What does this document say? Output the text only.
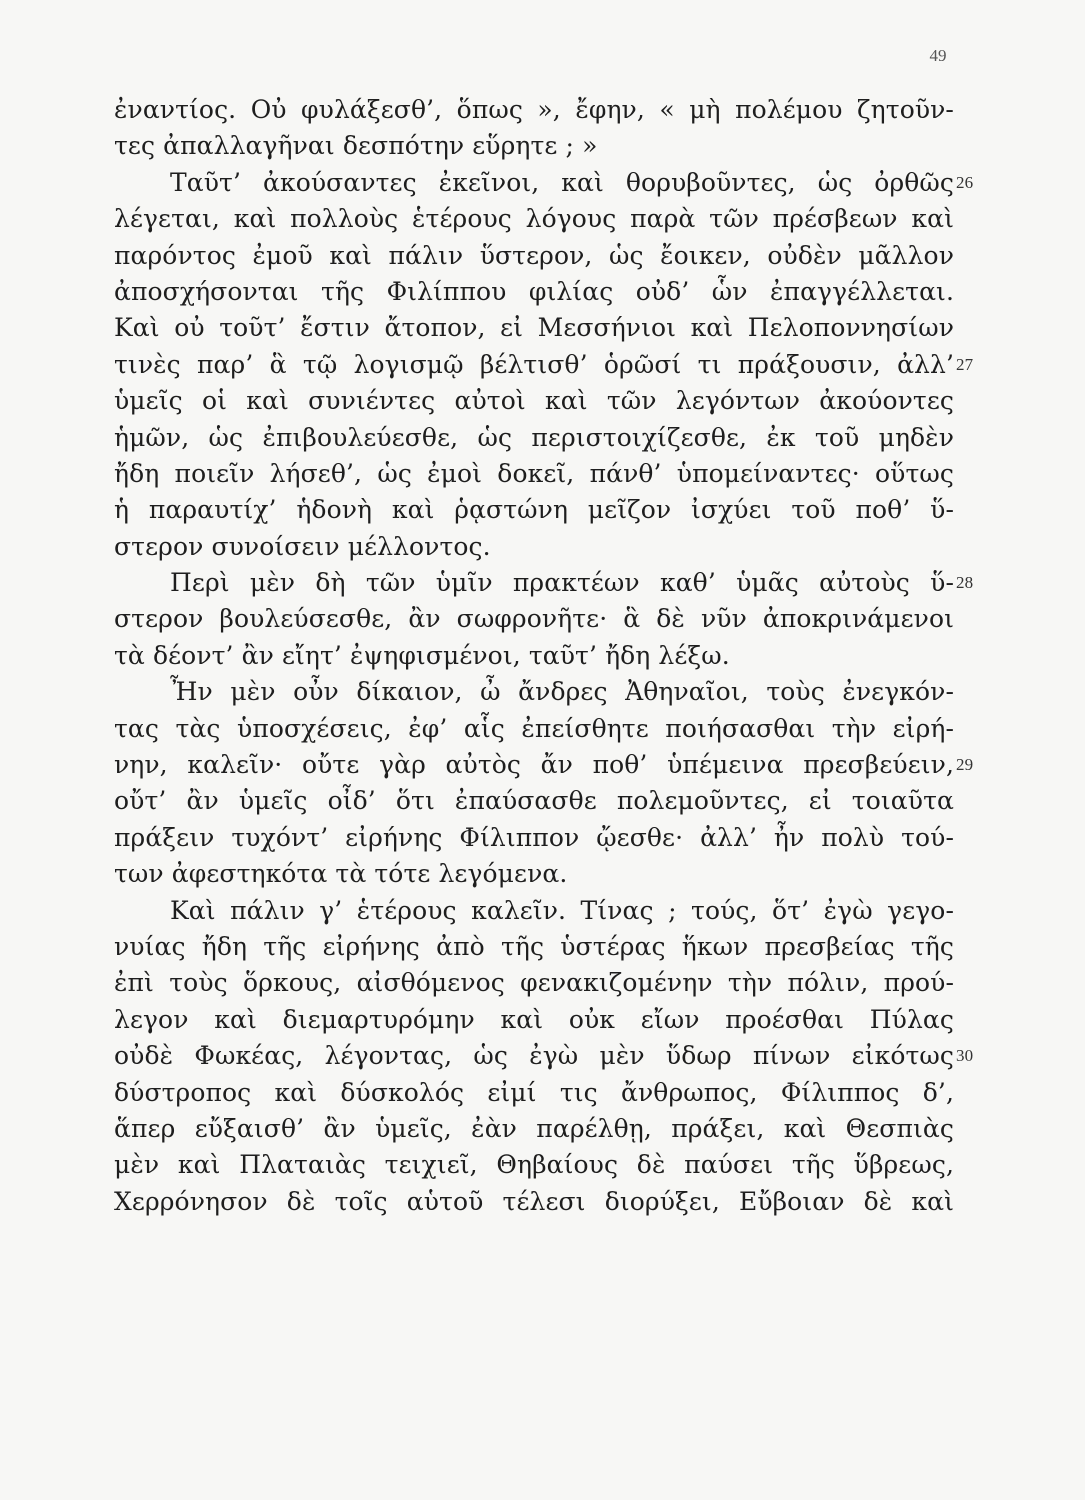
49
ἐναντίος. Οὐ φυλάξεσθ’, ὅπως », ἔφην, « μὴ πολέμου ζητοῦν-
τες ἀπαλλαγῆναι δεσπότην εὕρητε ; »
Ταῦτ’ ἀκούσαντες ἐκεῖνοι, καὶ θορυβοῦντες, ὡς ὀρθῶς 26
λέγεται, καὶ πολλοὺς ἑτέρους λόγους παρὰ τῶν πρέσβεων καὶ
παρόντος ἐμοῦ καὶ πάλιν ὕστερον, ὡς ἔοικεν, οὐδὲν μᾶλλον
ἀποσχήσονται τῆς Φιλίππου φιλίας οὐδ’ ὧν ἐπαγγέλλεται.
Καὶ οὐ τοῦτ’ ἔστιν ἄτοπον, εἰ Μεσσήνιοι καὶ Πελοποννησίων
τινὲς παρ’ ἃ τῷ λογισμῷ βέλτισθ’ ὁρῶσί τι πράξουσιν, ἀλλ’ 27
ὑμεῖς οἱ καὶ συνιέντες αὐτοὶ καὶ τῶν λεγόντων ἀκούοντες
ἡμῶν, ὡς ἐπιβουλεύεσθε, ὡς περιστοιχίζεσθε, ἐκ τοῦ μηδὲν
ἤδη ποιεῖν λήσεθ’, ὡς ἐμοὶ δοκεῖ, πάνθ’ ὑπομείναντες· οὕτως
ἡ παραυτίχ’ ἡδονὴ καὶ ῥᾳστώνη μεῖζον ἰσχύει τοῦ ποθ’ ὕ-
στερον συνοίσειν μέλλοντος.
Περὶ μὲν δὴ τῶν ὑμῖν πρακτέων καθ’ ὑμᾶς αὐτοὺς ὕ- 28
στερον βουλεύσεσθε, ἂν σωφρονῆτε· ἃ δὲ νῦν ἀποκρινάμενοι
τὰ δέοντ’ ἂν εἴητ’ ἐψηφισμένοι, ταῦτ’ ἤδη λέξω.
Ἦν μὲν οὖν δίκαιον, ὦ ἄνδρες Ἀθηναῖοι, τοὺς ἐνεγκόν-
τας τὰς ὑποσχέσεις, ἐφ’ αἷς ἐπείσθητε ποιήσασθαι τὴν εἰρή-
νην, καλεῖν· οὔτε γὰρ αὐτὸς ἄν ποθ’ ὑπέμεινα πρεσβεύειν, 29
οὔτ’ ἂν ὑμεῖς οἶδ’ ὅτι ἐπαύσασθε πολεμοῦντες, εἰ τοιαῦτα
πράξειν τυχόντ’ εἰρήνης Φίλιππον ᾤεσθε· ἀλλ’ ἦν πολὺ τού-
των ἀφεστηκότα τὰ τότε λεγόμενα.
Καὶ πάλιν γ’ ἑτέρους καλεῖν. Τίνας ; τούς, ὅτ’ ἐγὼ γεγο-
νυίας ἤδη τῆς εἰρήνης ἀπὸ τῆς ὑστέρας ἥκων πρεσβείας τῆς
ἐπὶ τοὺς ὅρκους, αἰσθόμενος φενακιζομένην τὴν πόλιν, πρού-
λεγον καὶ διεμαρτυρόμην καὶ οὐκ εἴων προέσθαι Πύλας
οὐδὲ Φωκέας, λέγοντας, ὡς ἐγὼ μὲν ὕδωρ πίνων εἰκότως 30
δύστροπος καὶ δύσκολός εἰμί τις ἄνθρωπος, Φίλιππος δ’,
ἅπερ εὔξαισθ’ ἂν ὑμεῖς, ἐὰν παρέλθῃ, πράξει, καὶ Θεσπιὰς
μὲν καὶ Πλαταιὰς τειχιεῖ, Θηβαίους δὲ παύσει τῆς ὕβρεως,
Χερρόνησον δὲ τοῖς αὑτοῦ τέλεσι διορύξει, Εὔβοιαν δὲ καὶ
